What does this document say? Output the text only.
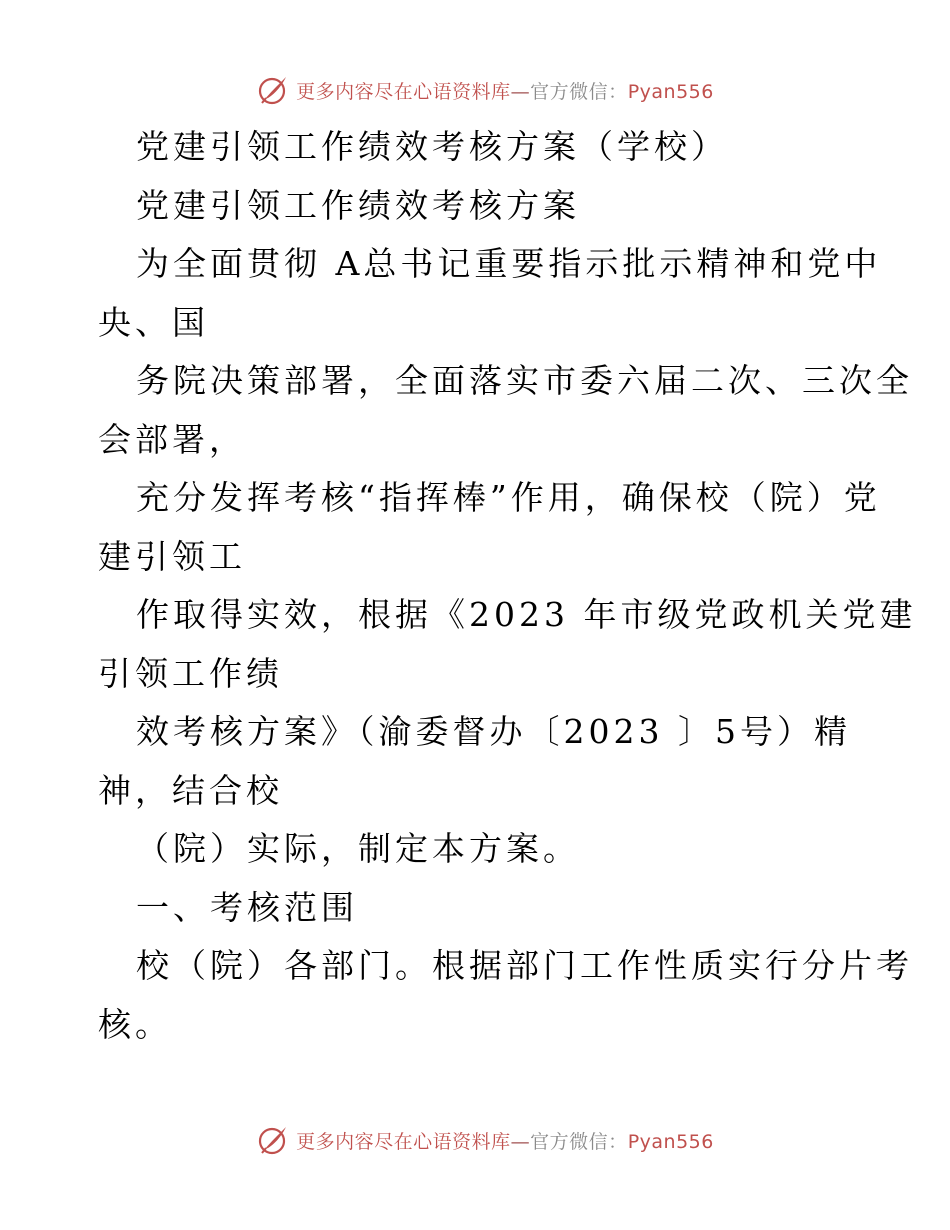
更多内容尽在心语资料库—官方微信：Pyan556
党建引领工作绩效考核方案（学校）
党建引领工作绩效考核方案
为全面贯彻 A总书记重要指示批示精神和党中
央、国
务院决策部署，全面落实市委六届二次、三次全
会部署，
充分发挥考核“指挥棒”作用，确保校（院）党
建引领工
作取得实效，根据《2023 年市级党政机关党建
引领工作绩
效考核方案》（渝委督办〔2023 〕5号）精
神，结合校
（院）实际，制定本方案。
一、考核范围
校（院）各部门。根据部门工作性质实行分片考
核。
更多内容尽在心语资料库—官方微信：Pyan556
